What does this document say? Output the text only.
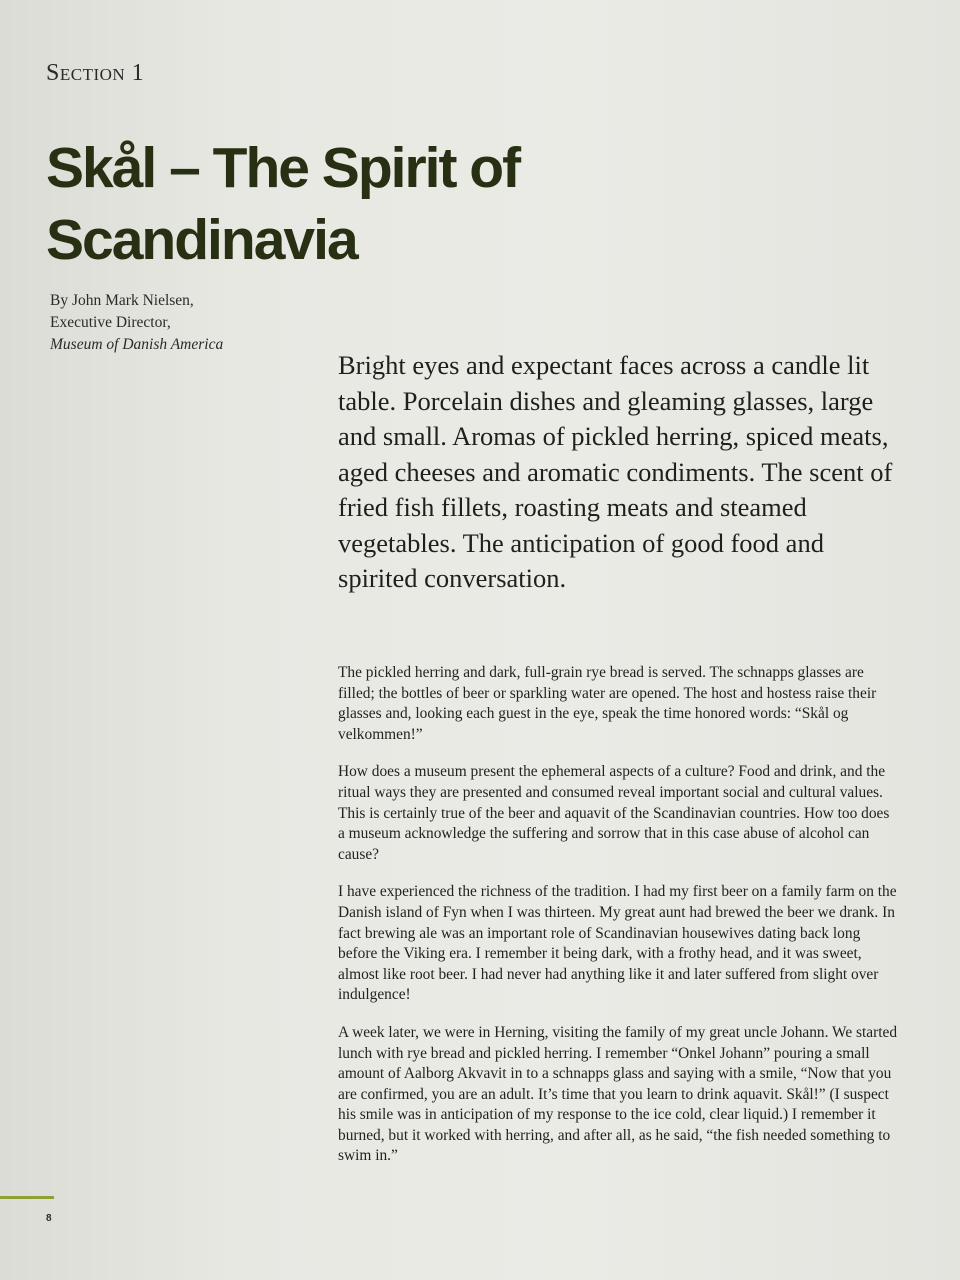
Section 1
Skål – The Spirit of Scandinavia
By John Mark Nielsen,
Executive Director,
Museum of Danish America
Bright eyes and expectant faces across a candle lit table. Porcelain dishes and gleaming glasses, large and small. Aromas of pickled herring, spiced meats, aged cheeses and aromatic condiments. The scent of fried fish fillets, roasting meats and steamed vegetables. The anticipation of good food and spirited conversation.

The pickled herring and dark, full-grain rye bread is served. The schnapps glasses are filled; the bottles of beer or sparkling water are opened. The host and hostess raise their glasses and, looking each guest in the eye, speak the time honored words: “Skål og velkommen!”

How does a museum present the ephemeral aspects of a culture? Food and drink, and the ritual ways they are presented and consumed reveal important social and cultural values. This is certainly true of the beer and aquavit of the Scandinavian countries. How too does a museum acknowledge the suffering and sorrow that in this case abuse of alcohol can cause?

I have experienced the richness of the tradition. I had my first beer on a family farm on the Danish island of Fyn when I was thirteen. My great aunt had brewed the beer we drank. In fact brewing ale was an important role of Scandinavian housewives dating back long before the Viking era. I remember it being dark, with a frothy head, and it was sweet, almost like root beer. I had never had anything like it and later suffered from slight over indulgence!

A week later, we were in Herning, visiting the family of my great uncle Johann. We started lunch with rye bread and pickled herring. I remember “Onkel Johann” pouring a small amount of Aalborg Akvavit in to a schnapps glass and saying with a smile, “Now that you are confirmed, you are an adult. It’s time that you learn to drink aquavit. Skål!” (I suspect his smile was in anticipation of my response to the ice cold, clear liquid.) I remember it burned, but it worked with herring, and after all, as he said, “the fish needed something to swim in.”

8
